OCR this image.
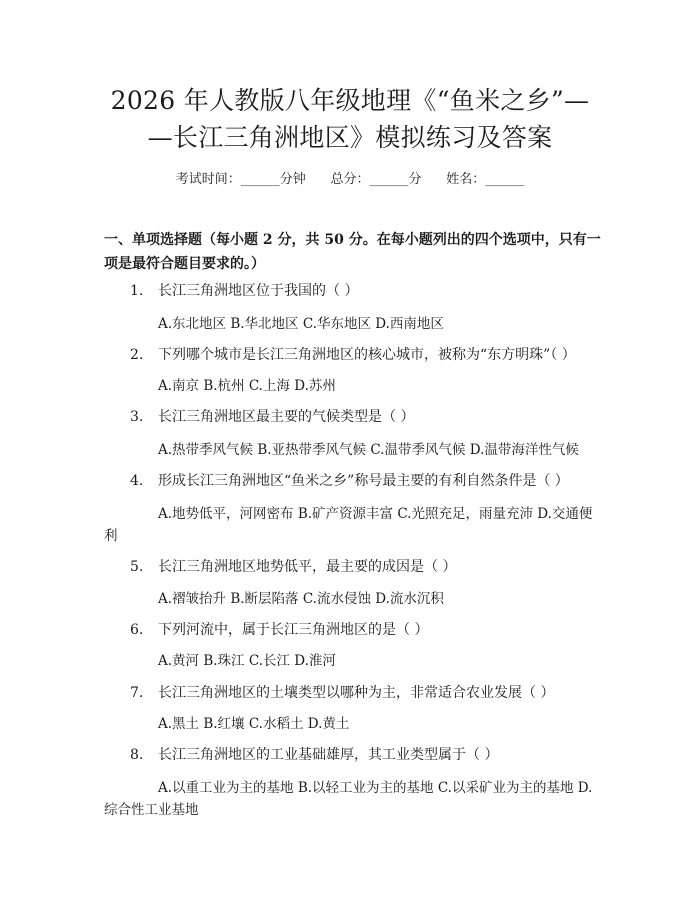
2026 年人教版八年级地理《“鱼米之乡”—
—长江三角洲地区》模拟练习及答案
考试时间：______分钟      总分：______分      姓名：______
一、单项选择题（每小题 2 分，共 50 分。在每小题列出的四个选项中，只有一项是最符合题目要求的。）
1. 长江三角洲地区位于我国的（ ）
A.东北地区 B.华北地区 C.华东地区 D.西南地区
2. 下列哪个城市是长江三角洲地区的核心城市，被称为“东方明珠”（ ）
A.南京 B.杭州 C.上海 D.苏州
3. 长江三角洲地区最主要的气候类型是（ ）
A.热带季风气候 B.亚热带季风气候 C.温带季风气候 D.温带海洋性气候
4. 形成长江三角洲地区“鱼米之乡”称号最主要的有利自然条件是（ ）
A.地势低平，河网密布 B.矿产资源丰富 C.光照充足，雨量充沛 D.交通便利
5. 长江三角洲地区地势低平，最主要的成因是（ ）
A.褶皱抬升 B.断层陷落 C.流水侵蚀 D.流水沉积
6. 下列河流中，属于长江三角洲地区的是（ ）
A.黄河 B.珠江 C.长江 D.淮河
7. 长江三角洲地区的土壤类型以哪种为主，非常适合农业发展（ ）
A.黑土 B.红壤 C.水稻土 D.黄土
8. 长江三角洲地区的工业基础雄厚，其工业类型属于（ ）
A.以重工业为主的基地 B.以轻工业为主的基地 C.以采矿业为主的基地 D.综合性工业基地
